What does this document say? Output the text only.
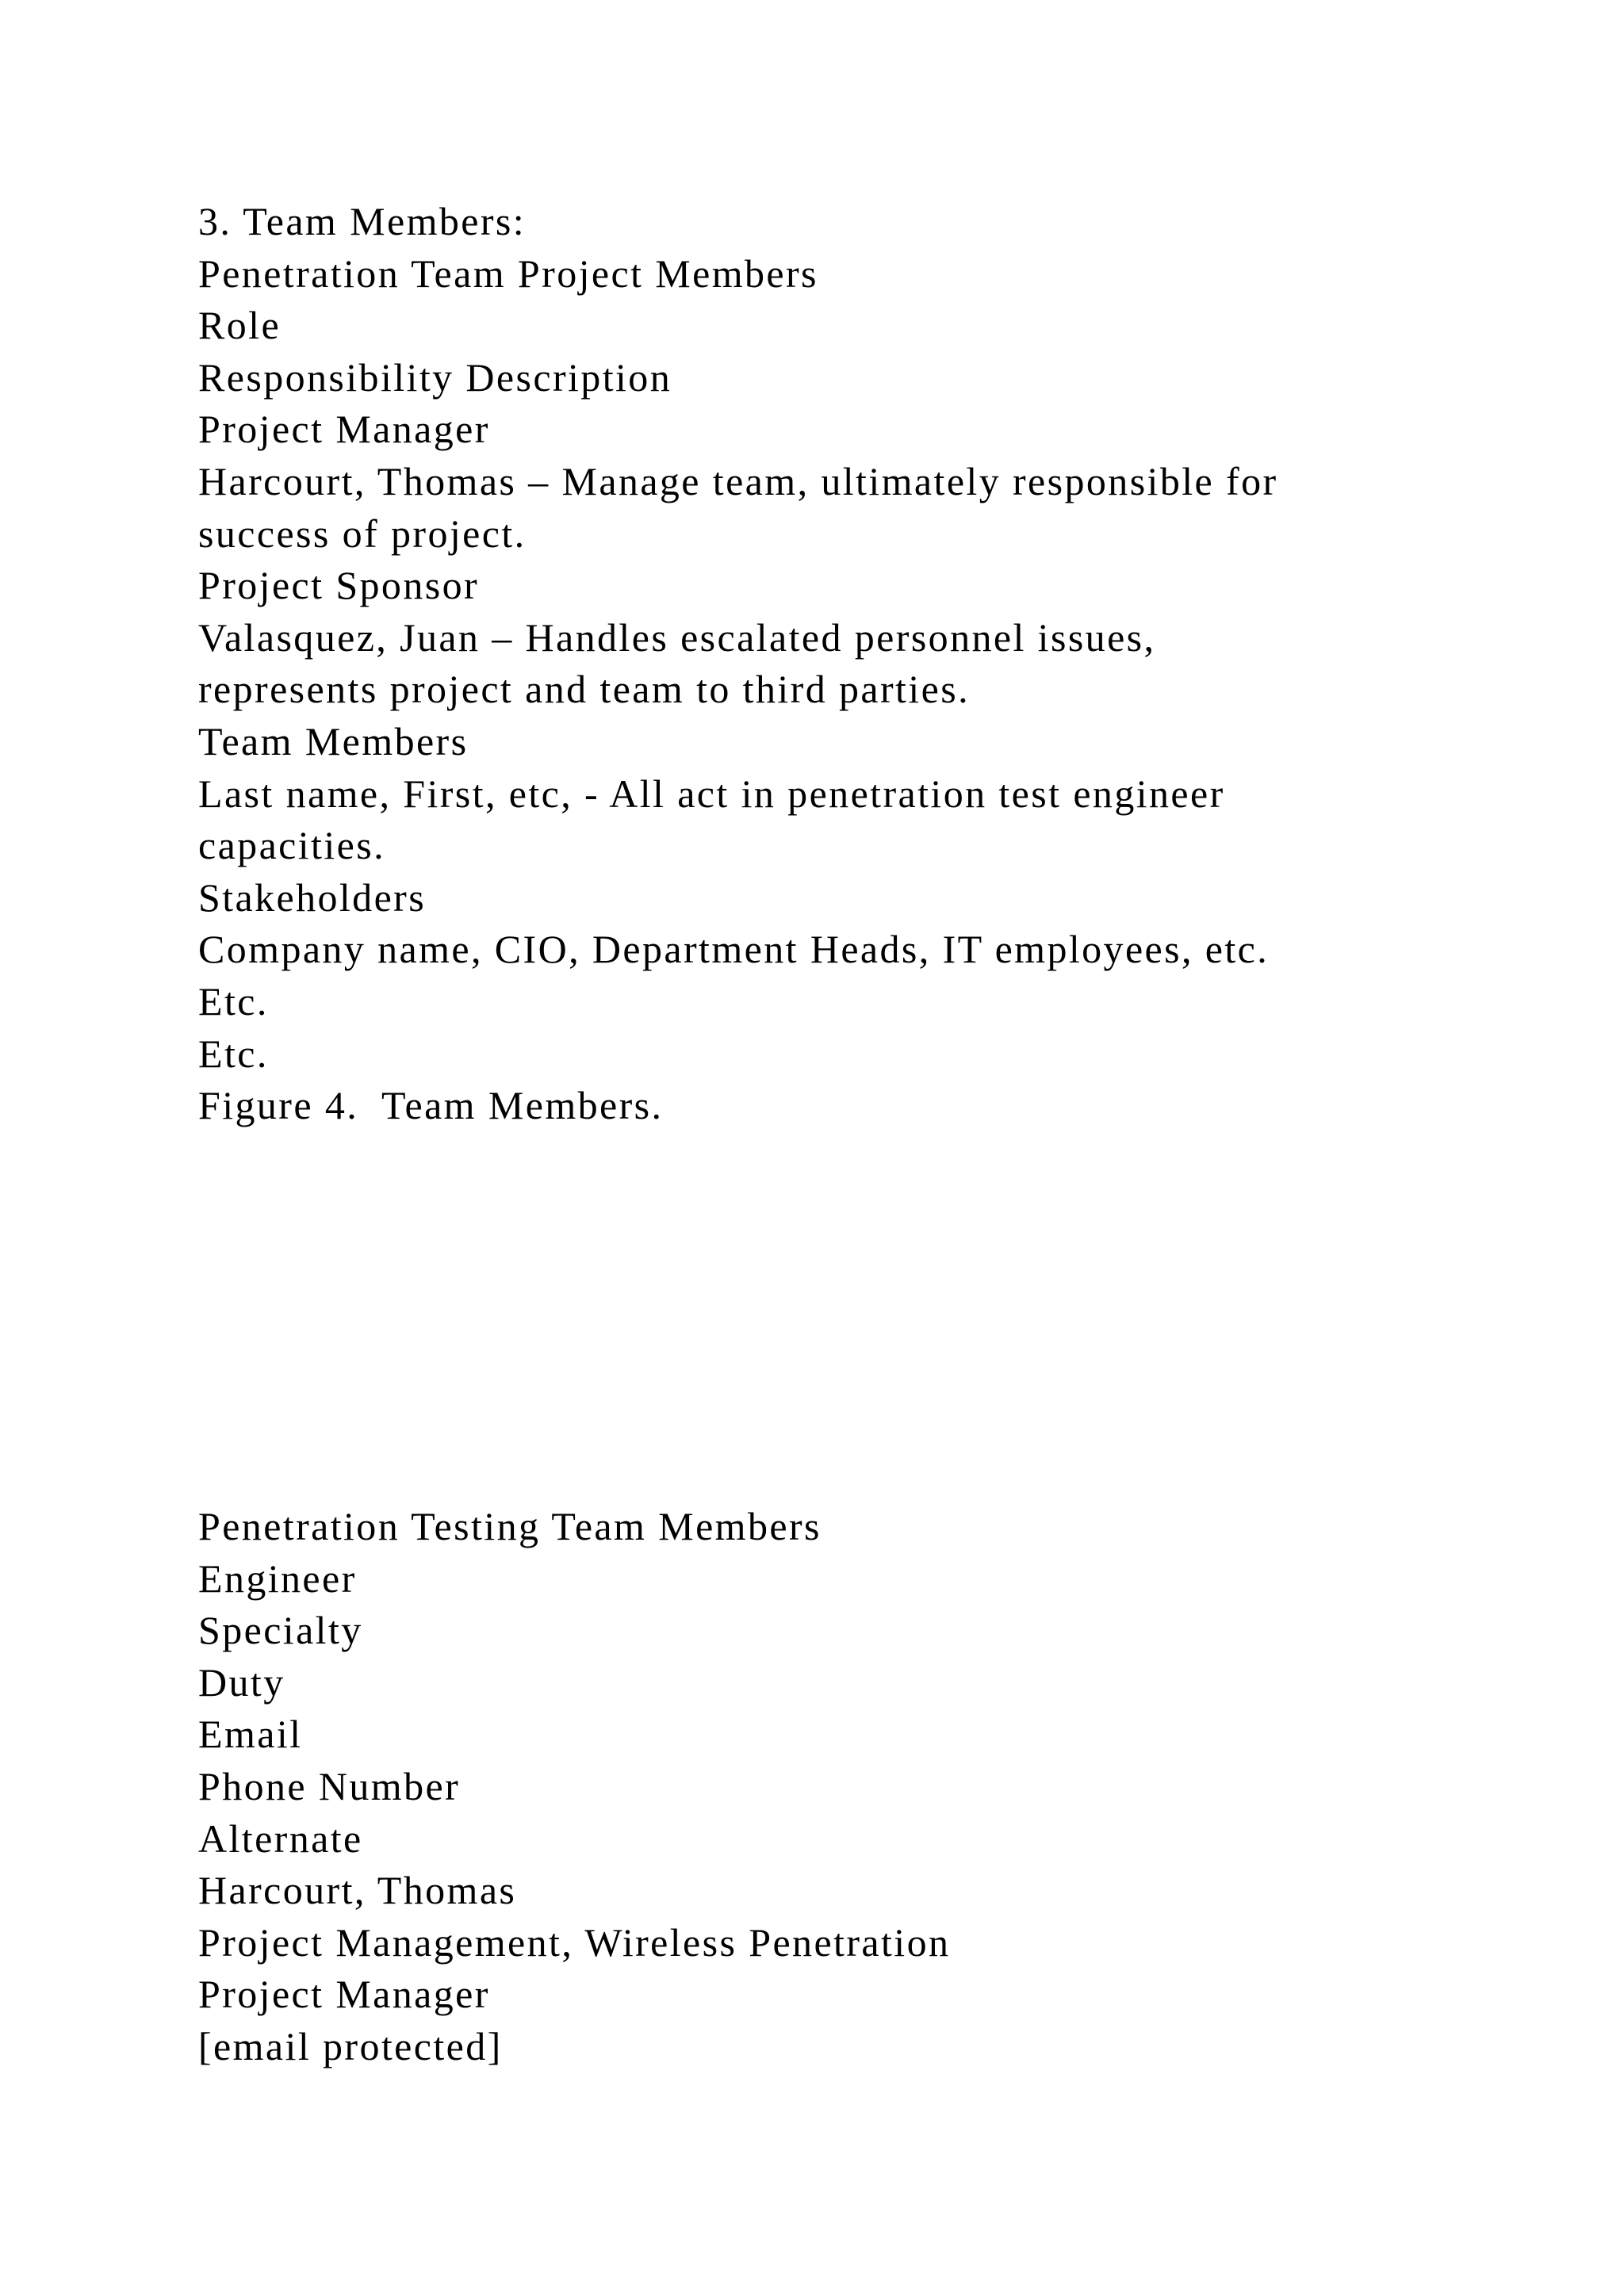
3. Team Members:
Penetration Team Project Members
Role
Responsibility Description
Project Manager
Harcourt, Thomas – Manage team, ultimately responsible for
success of project.
Project Sponsor
Valasquez, Juan – Handles escalated personnel issues,
represents project and team to third parties.
Team Members
Last name, First, etc, - All act in penetration test engineer
capacities.
Stakeholders
Company name, CIO, Department Heads, IT employees, etc.
Etc.
Etc.
Figure 4.  Team Members.
Penetration Testing Team Members
Engineer
Specialty
Duty
Email
Phone Number
Alternate
Harcourt, Thomas
Project Management, Wireless Penetration
Project Manager
[email protected]
